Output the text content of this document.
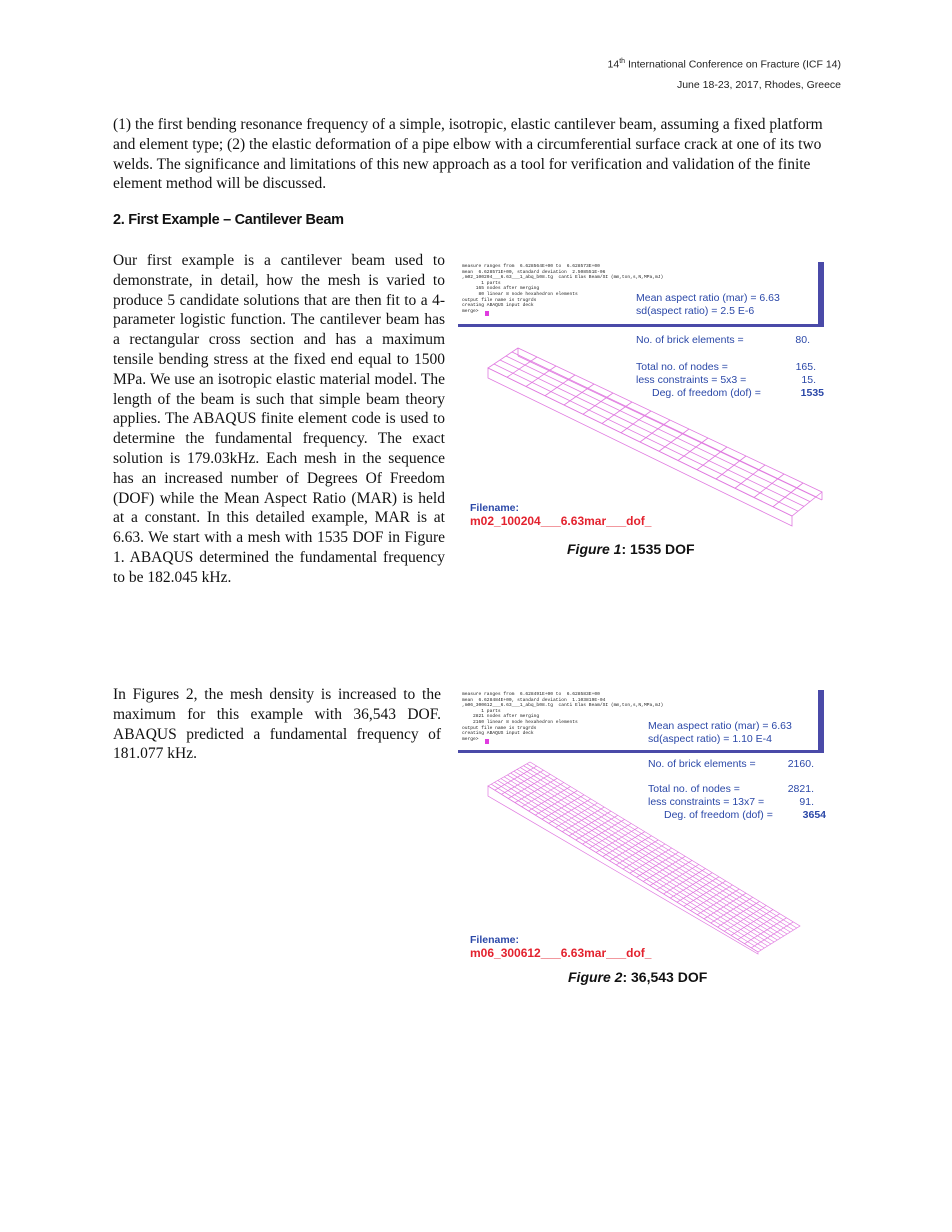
14th International Conference on Fracture (ICF 14)
June 18-23, 2017, Rhodes, Greece

(1) the first bending resonance frequency of a simple, isotropic, elastic cantilever beam, assuming a fixed platform and element type; (2) the elastic deformation of a pipe elbow with a circumferential surface crack at one of its two welds. The significance and limitations of this new approach as a tool for verification and validation of the finite element method will be discussed.

2. First Example – Cantilever Beam

Our first example is a cantilever beam used to demonstrate, in detail, how the mesh is varied to produce 5 candidate solutions that are then fit to a 4-parameter logistic function. The cantilever beam has a rectangular cross section and has a maximum tensile bending stress at the fixed end equal to 1500 MPa. We use an isotropic elastic material model. The length of the beam is such that simple beam theory applies. The ABAQUS finite element code is used to determine the fundamental frequency. The exact solution is 179.03kHz. Each mesh in the sequence has an increased number of Degrees Of Freedom (DOF) while the Mean Aspect Ratio (MAR) is held at a constant. In this detailed example, MAR is at 6.63. We start with a mesh with 1535 DOF in Figure 1. ABAQUS determined the fundamental frequency to be 182.045 kHz.

In Figures 2, the mesh density is increased to the maximum for this example with 36,543 DOF. ABAQUS predicted a fundamental frequency of 181.077 kHz.

measure ranges from  6.628564E+00 to  6.628573E+00
mean  6.628571E+00, standard deviation  2.508551E-06
,m02_100204___6.63___1_abq_b08.tg  canti Elas Beam/SI (mm,ton,s,N,MPa,mJ)
1 parts
165 nodes after merging
80 linear 8 node hexahedron elements
output file name is trugrds
creating ABAQUS input deck
merge>
Mean aspect ratio (mar) = 6.63
sd(aspect ratio) = 2.5 E-6
No. of brick elements =	80.
Total no. of nodes =	165.
less constraints = 5x3 =	15.
Deg. of freedom (dof) =	1535
Filename:
m02_100204___6.63mar___dof_
Figure 1: 1535 DOF
measure ranges from  6.628491E+00 to  6.628583E+00
mean  6.628484E+00, standard deviation  1.103819E-04
,m06_300612___6.63___1_abq_b08.tg  canti Elas Beam/SI (mm,ton,s,N,MPa,mJ)
1 parts
2821 nodes after merging
2160 linear 8 node hexahedron elements
output file name is trugrds
creating ABAQUS input deck
merge>
Mean aspect ratio (mar) = 6.63
sd(aspect ratio) = 1.10 E-4
No. of brick elements =	2160.
Total no. of nodes =	2821.
less constraints = 13x7 =	91.
Deg. of freedom (dof) =	3654
Filename:
m06_300612___6.63mar___dof_
Figure 2: 36,543 DOF
